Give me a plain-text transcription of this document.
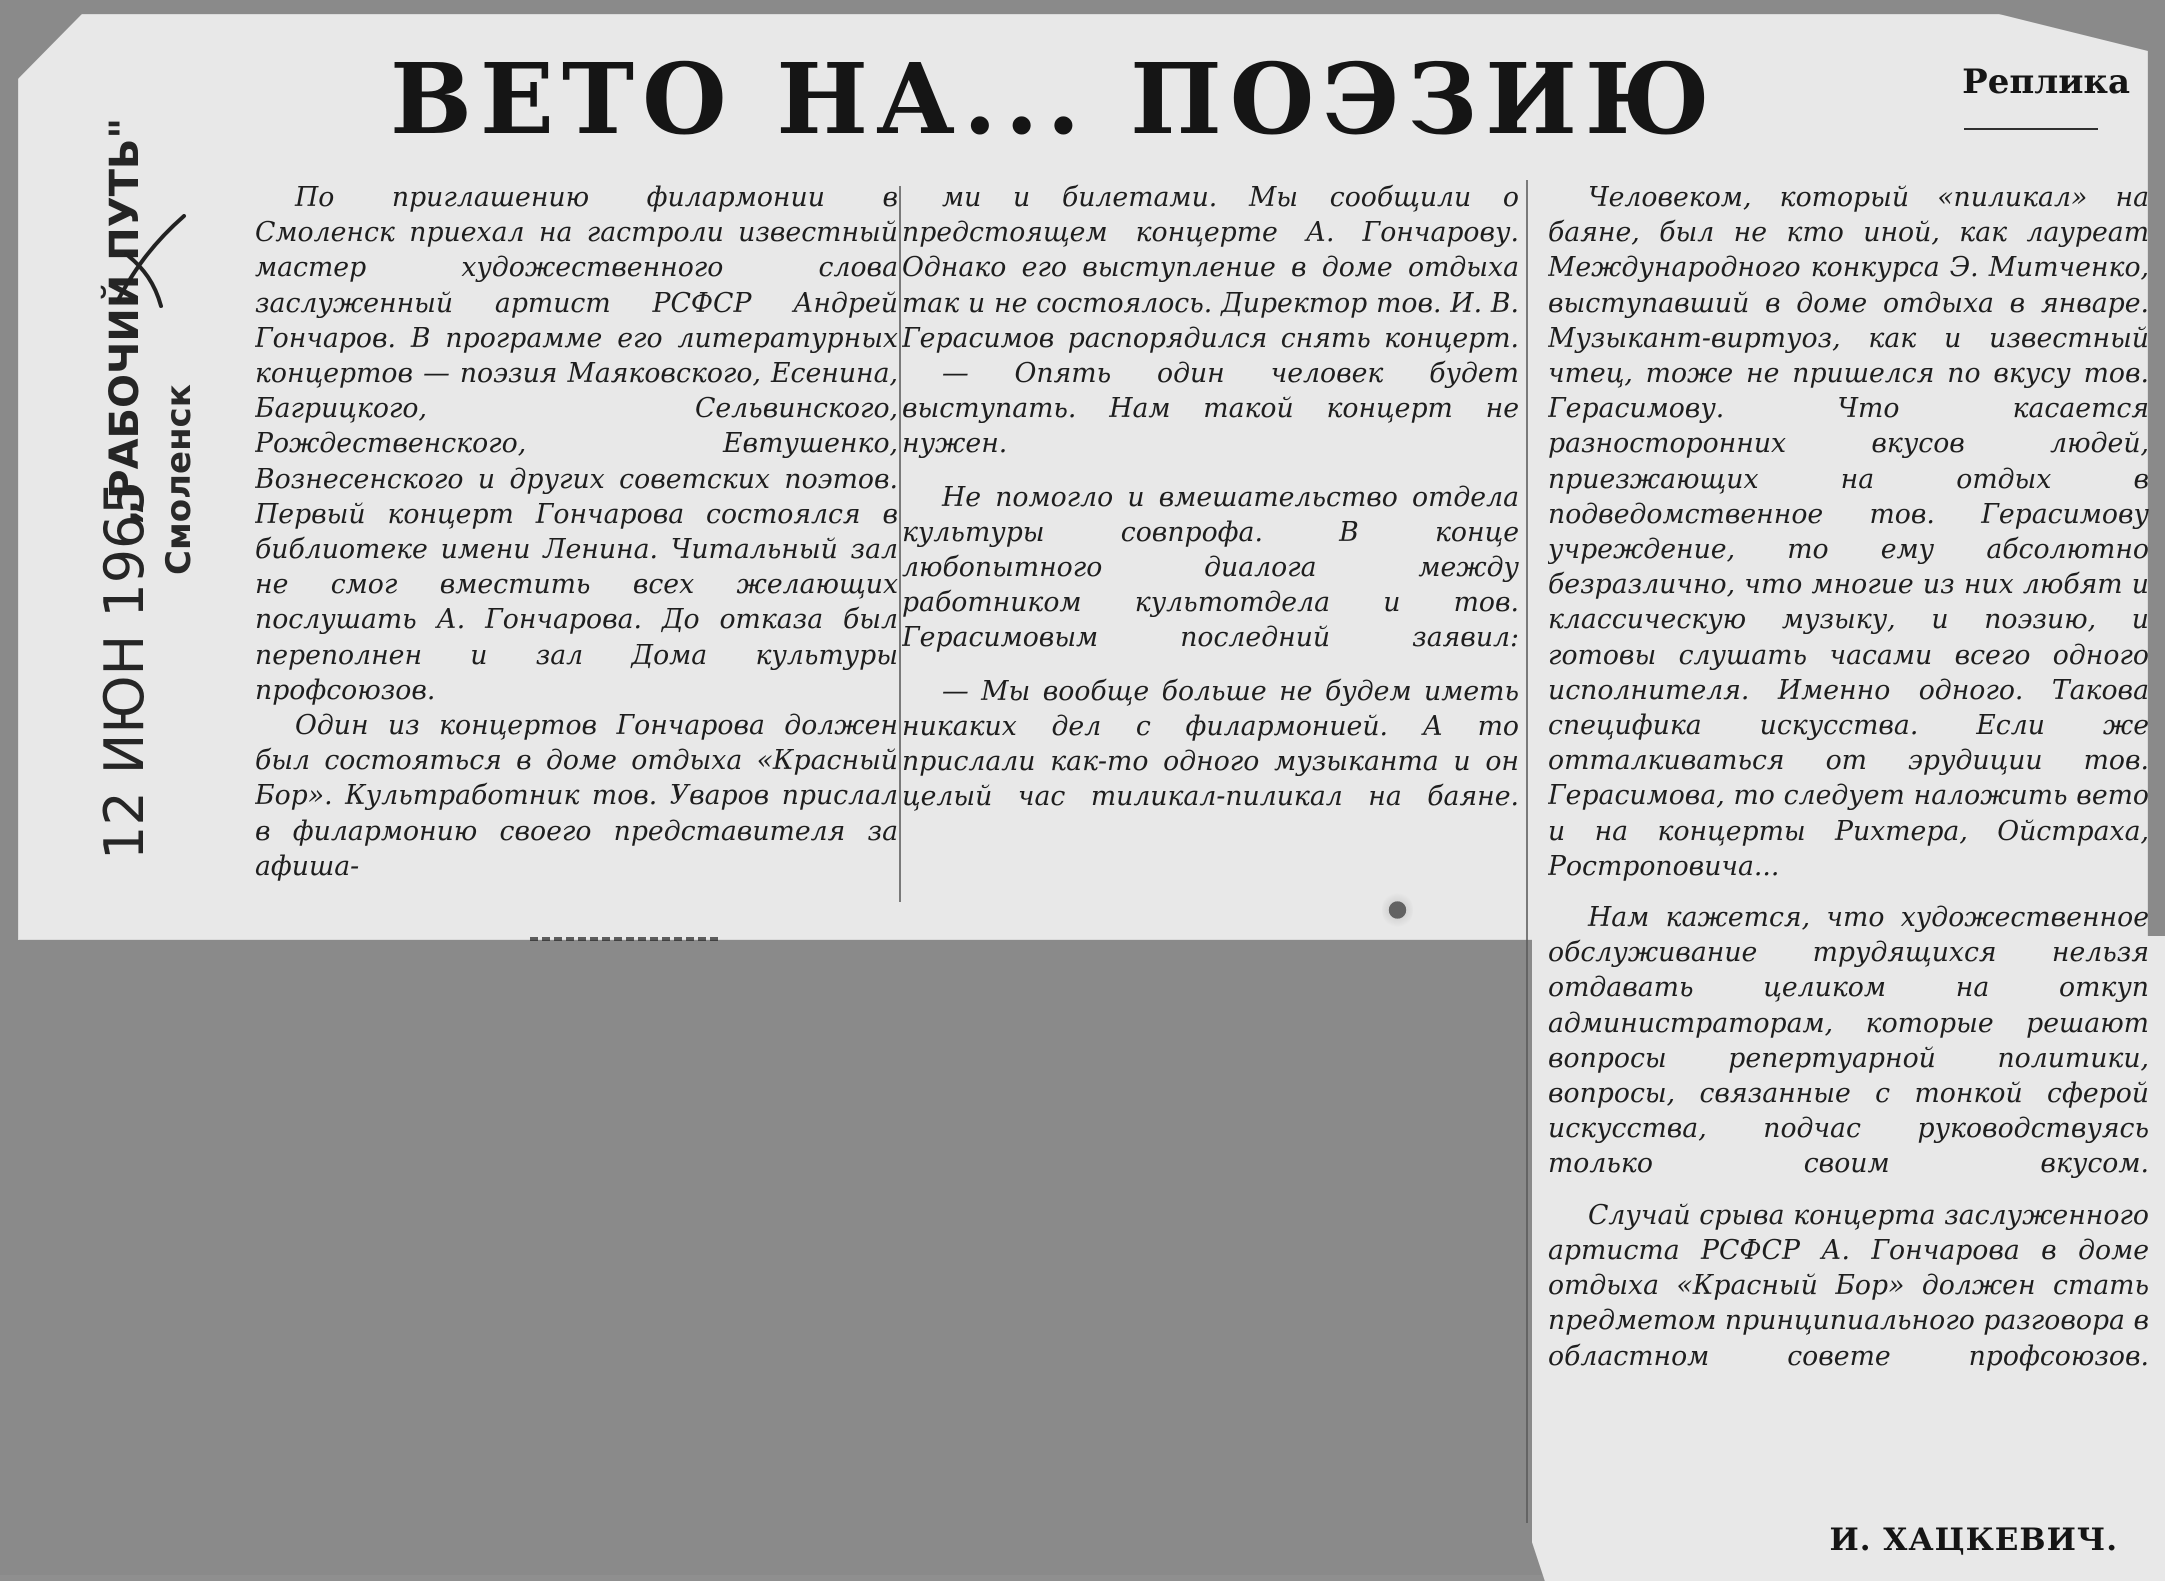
ВЕТО НА... ПОЭЗИЮ	Реплика
12 ИЮН 1965
„РАБОЧИЙ ПУТЬ" Смоленск

По приглашению филармонии в Смоленск приехал на гастроли известный мастер художественного слова заслуженный артист РСФСР Андрей Гончаров. В программе его литературных концертов — поэзия Маяковского, Есенина, Багрицкого, Сельвинского, Рождественского, Евтушенко, Вознесенского и других советских поэтов. Первый концерт Гончарова состоялся в библиотеке имени Ленина. Читальный зал не смог вместить всех желающих послушать А. Гончарова. До отказа был переполнен и зал Дома культуры профсоюзов.

Один из концертов Гончарова должен был состояться в доме отдыха «Красный Бор». Культработник тов. Уваров прислал в филармонию своего представителя за афиша-

ми и билетами. Мы сообщили о предстоящем концерте А. Гончарову. Однако его выступление в доме отдыха так и не состоялось. Директор тов. И. В. Герасимов распорядился снять концерт.

— Опять один человек будет выступать. Нам такой концерт не нужен.

Не помогло и вмешательство отдела культуры совпрофа. В конце любопытного диалога между работником культотдела и тов. Герасимовым последний заявил:

— Мы вообще больше не будем иметь никаких дел с филармонией. А то прислали как-то одного музыканта и он целый час тиликал-пиликал на баяне.

Человеком, который «пиликал» на баяне, был не кто иной, как лауреат Международного конкурса Э. Митченко, выступавший в доме отдыха в январе. Музыкант-виртуоз, как и известный чтец, тоже не пришелся по вкусу тов. Герасимову. Что касается разносторонних вкусов людей, приезжающих на отдых в подведомственное тов. Герасимову учреждение, то ему абсолютно безразлично, что многие из них любят и классическую музыку, и поэзию, и готовы слушать часами всего одного исполнителя. Именно одного. Такова специфика искусства. Если же отталкиваться от эрудиции тов. Герасимова, то следует наложить вето и на концерты Рихтера, Ойстраха, Ростроповича...

Нам кажется, что художественное обслуживание трудящихся нельзя отдавать целиком на откуп администраторам, которые решают вопросы репертуарной политики, вопросы, связанные с тонкой сферой искусства, подчас руководствуясь только своим вкусом.

Случай срыва концерта заслуженного артиста РСФСР А. Гончарова в доме отдыха «Красный Бор» должен стать предметом принципиального разговора в областном совете профсоюзов.

И. ХАЦКЕВИЧ.
